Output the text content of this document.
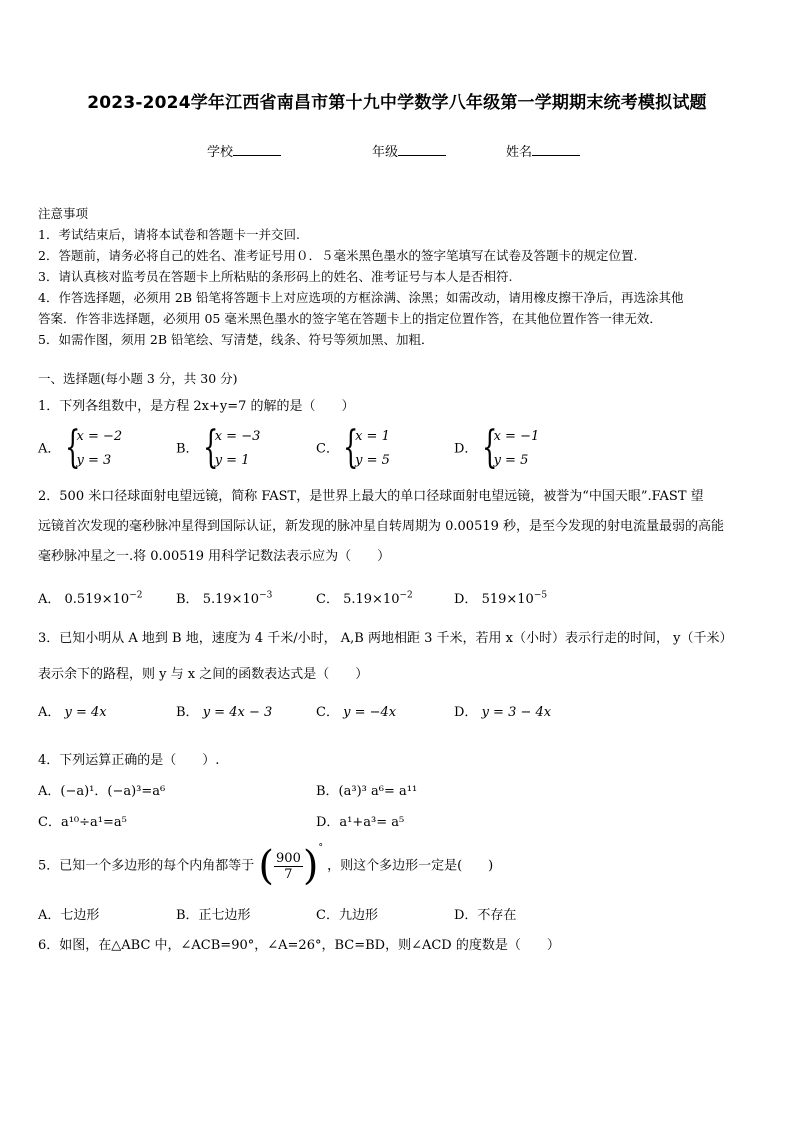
2023-2024学年江西省南昌市第十九中学数学八年级第一学期期末统考模拟试题
学校	年级	姓名
注意事项
1．考试结束后，请将本试卷和答题卡一并交回.
2．答题前，请务必将自己的姓名、准考证号用０．５毫米黑色墨水的签字笔填写在试卷及答题卡的规定位置.
3．请认真核对监考员在答题卡上所粘贴的条形码上的姓名、准考证号与本人是否相符.
4．作答选择题，必须用 2B 铅笔将答题卡上对应选项的方框涂满、涂黑；如需改动，请用橡皮擦干净后，再选涂其他
答案．作答非选择题，必须用 05 毫米黑色墨水的签字笔在答题卡上的指定位置作答，在其他位置作答一律无效．
5．如需作图，须用 2B 铅笔绘、写清楚，线条、符号等须加黑、加粗．
一、选择题(每小题 3 分，共 30 分)
1．下列各组数中，是方程 2x+y=7 的解的是（　　）
A． {
x = −2
y = 3
B． {
x = −3
y = 1
C． {
x = 1
y = 5
D． {
x = −1
y = 5
2．500 米口径球面射电望远镜，简称 FAST，是世界上最大的单口径球面射电望远镜，被誉为“中国天眼”.FAST 望
远镜首次发现的毫秒脉冲星得到国际认证，新发现的脉冲星自转周期为 0.00519 秒，是至今发现的射电流量最弱的高能
毫秒脉冲星之一.将 0.00519 用科学记数法表示应为（　　）
A． $0.519\times 10^{-2}$	B． $5.19\times 10^{-3}$	C． $5.19\times 10^{-2}$	D． $519\times 10^{-5}$
3．已知小明从 A 地到 B 地，速度为 4 千米/小时， A,B 两地相距 3 千米，若用 x（小时）表示行走的时间， y（千米）
表示余下的路程，则 y 与 x 之间的函数表达式是（　　）
A． y = 4x	B． y = 4x − 3	C． y = −4x	D． y = 3 − 4x
4．下列运算正确的是（　　）.
A．(−a)¹．(−a)³=a⁶	B．(a³)³ a⁶= a¹¹
C．a¹⁰÷a¹=a⁵	D．a¹+a³= a⁵
5．已知一个多边形的每个内角都等于 ( $\frac{900}{7} )^\circ$ ，则这个多边形一定是(　　)
A．七边形	B．正七边形	C．九边形	D．不存在
6．如图，在△ABC 中，∠ACB=90°，∠A=26°，BC=BD，则∠ACD 的度数是（　　）
